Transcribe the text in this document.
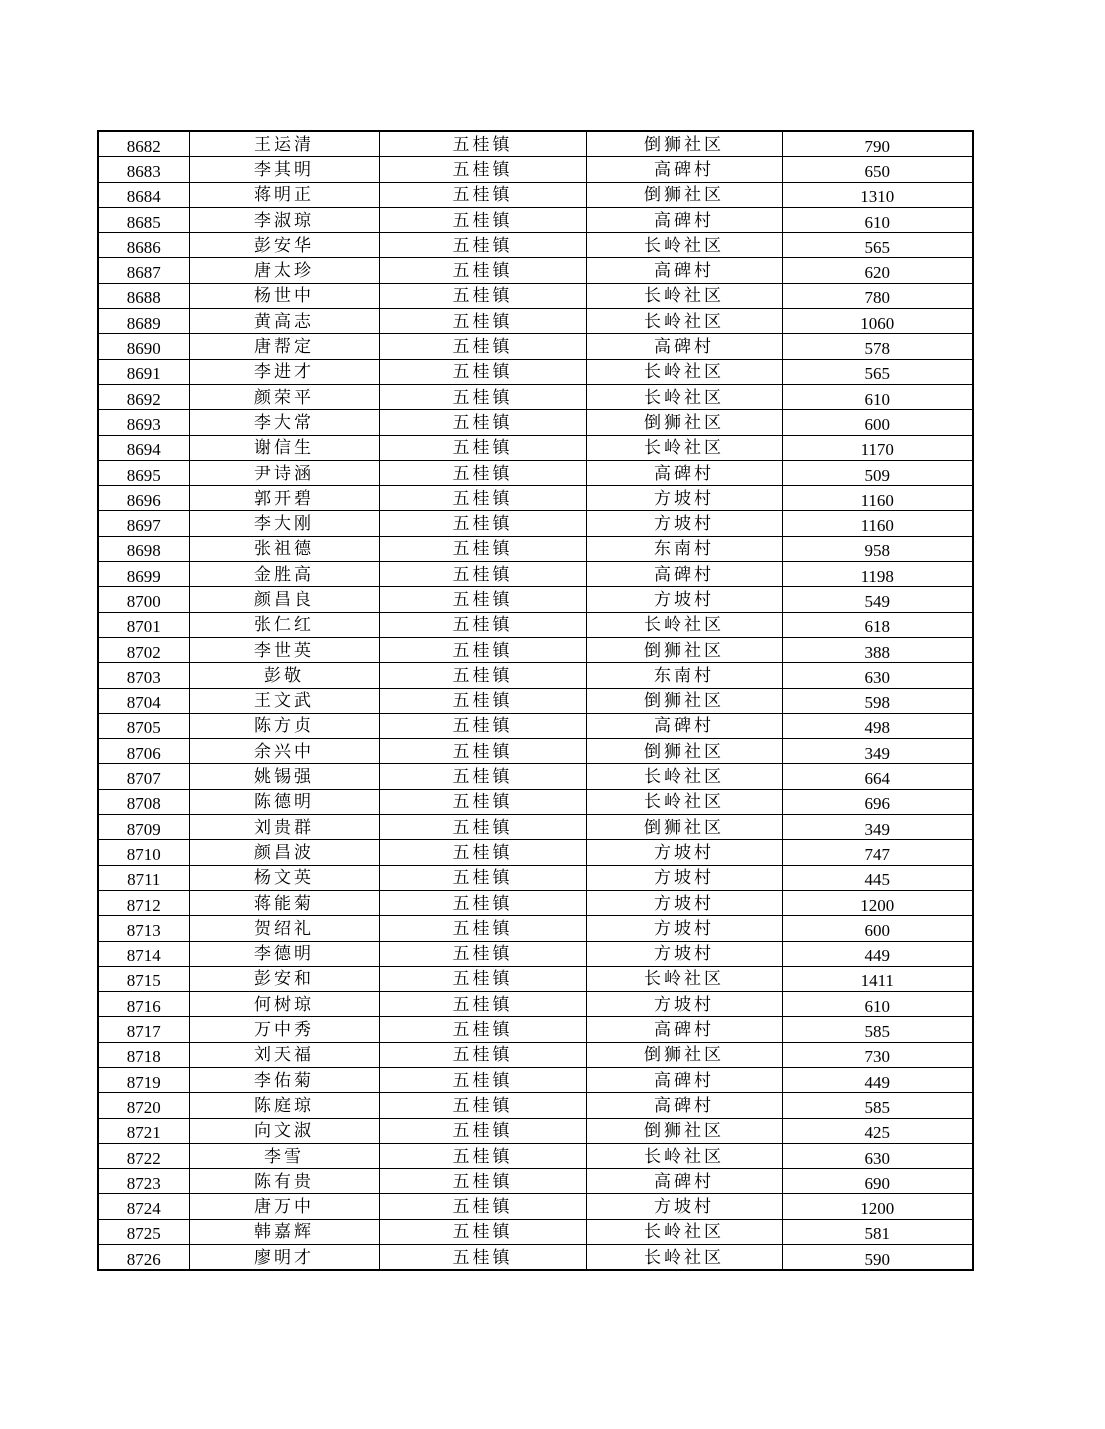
8682	王运清	五桂镇	倒狮社区	790
8683	李其明	五桂镇	高碑村	650
8684	蒋明正	五桂镇	倒狮社区	1310
8685	李淑琼	五桂镇	高碑村	610
8686	彭安华	五桂镇	长岭社区	565
8687	唐太珍	五桂镇	高碑村	620
8688	杨世中	五桂镇	长岭社区	780
8689	黄高志	五桂镇	长岭社区	1060
8690	唐帮定	五桂镇	高碑村	578
8691	李进才	五桂镇	长岭社区	565
8692	颜荣平	五桂镇	长岭社区	610
8693	李大常	五桂镇	倒狮社区	600
8694	谢信生	五桂镇	长岭社区	1170
8695	尹诗涵	五桂镇	高碑村	509
8696	郭开碧	五桂镇	方坡村	1160
8697	李大刚	五桂镇	方坡村	1160
8698	张祖德	五桂镇	东南村	958
8699	金胜高	五桂镇	高碑村	1198
8700	颜昌良	五桂镇	方坡村	549
8701	张仁红	五桂镇	长岭社区	618
8702	李世英	五桂镇	倒狮社区	388
8703	彭敬	五桂镇	东南村	630
8704	王文武	五桂镇	倒狮社区	598
8705	陈方贞	五桂镇	高碑村	498
8706	余兴中	五桂镇	倒狮社区	349
8707	姚锡强	五桂镇	长岭社区	664
8708	陈德明	五桂镇	长岭社区	696
8709	刘贵群	五桂镇	倒狮社区	349
8710	颜昌波	五桂镇	方坡村	747
8711	杨文英	五桂镇	方坡村	445
8712	蒋能菊	五桂镇	方坡村	1200
8713	贺绍礼	五桂镇	方坡村	600
8714	李德明	五桂镇	方坡村	449
8715	彭安和	五桂镇	长岭社区	1411
8716	何树琼	五桂镇	方坡村	610
8717	万中秀	五桂镇	高碑村	585
8718	刘天福	五桂镇	倒狮社区	730
8719	李佑菊	五桂镇	高碑村	449
8720	陈庭琼	五桂镇	高碑村	585
8721	向文淑	五桂镇	倒狮社区	425
8722	李雪	五桂镇	长岭社区	630
8723	陈有贵	五桂镇	高碑村	690
8724	唐万中	五桂镇	方坡村	1200
8725	韩嘉辉	五桂镇	长岭社区	581
8726	廖明才	五桂镇	长岭社区	590
